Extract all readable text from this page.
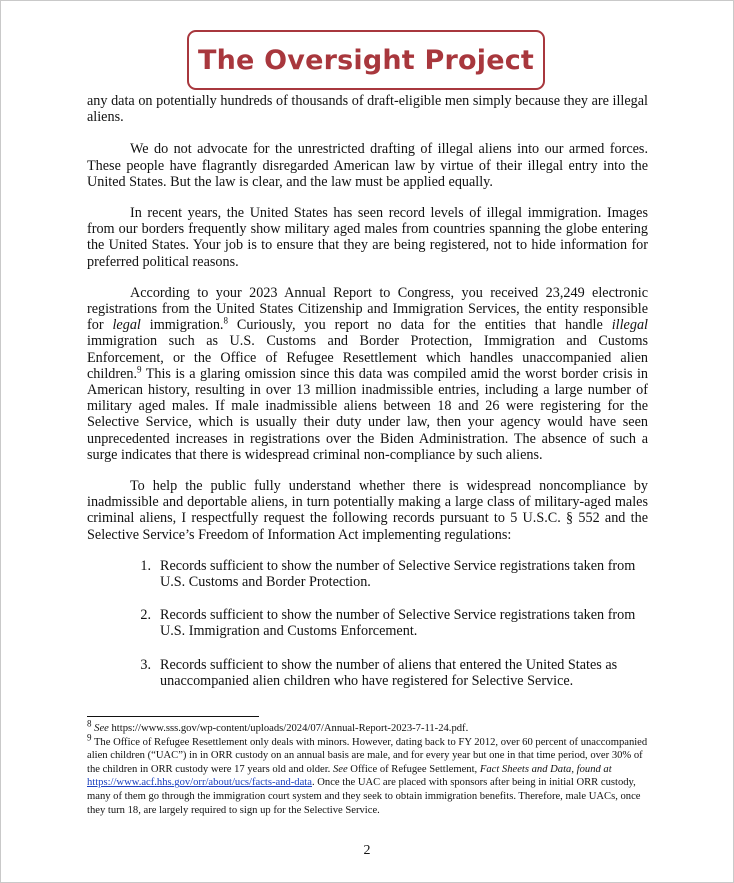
The Oversight Project

any data on potentially hundreds of thousands of draft-eligible men simply because they are illegal aliens.

We do not advocate for the unrestricted drafting of illegal aliens into our armed forces. These people have flagrantly disregarded American law by virtue of their illegal entry into the United States. But the law is clear, and the law must be applied equally.

In recent years, the United States has seen record levels of illegal immigration. Images from our borders frequently show military aged males from countries spanning the globe entering the United States. Your job is to ensure that they are being registered, not to hide information for preferred political reasons.

According to your 2023 Annual Report to Congress, you received 23,249 electronic registrations from the United States Citizenship and Immigration Services, the entity responsible for legal immigration.$^8$ Curiously, you report no data for the entities that handle illegal immigration such as U.S. Customs and Border Protection, Immigration and Customs Enforcement, or the Office of Refugee Resettlement which handles unaccompanied alien children.$^9$ This is a glaring omission since this data was compiled amid the worst border crisis in American history, resulting in over 13 million inadmissible entries, including a large number of military aged males. If male inadmissible aliens between 18 and 26 were registering for the Selective Service, which is usually their duty under law, then your agency would have seen unprecedented increases in registrations over the Biden Administration. The absence of such a surge indicates that there is widespread criminal non-compliance by such aliens.

To help the public fully understand whether there is widespread noncompliance by inadmissible and deportable aliens, in turn potentially making a large class of military-aged males criminal aliens, I respectfully request the following records pursuant to 5 U.S.C. § 552 and the Selective Service’s Freedom of Information Act implementing regulations:

1. Records sufficient to show the number of Selective Service registrations taken from U.S. Customs and Border Protection.
2. Records sufficient to show the number of Selective Service registrations taken from U.S. Immigration and Customs Enforcement.
3. Records sufficient to show the number of aliens that entered the United States as unaccompanied alien children who have registered for Selective Service.

$^8$ See https://www.sss.gov/wp-content/uploads/2024/07/Annual-Report-2023-7-11-24.pdf.

$^9$ The Office of Refugee Resettlement only deals with minors. However, dating back to FY 2012, over 60 percent of unaccompanied alien children (“UAC”) in in ORR custody on an annual basis are male, and for every year but one in that time period, over 30% of the children in ORR custody were 17 years old and older. See Office of Refugee Settlement, Fact Sheets and Data, found at https://www.acf.hhs.gov/orr/about/ucs/facts-and-data. Once the UAC are placed with sponsors after being in initial ORR custody, many of them go through the immigration court system and they seek to obtain immigration benefits. Therefore, male UACs, once they turn 18, are largely required to sign up for the Selective Service.

2
